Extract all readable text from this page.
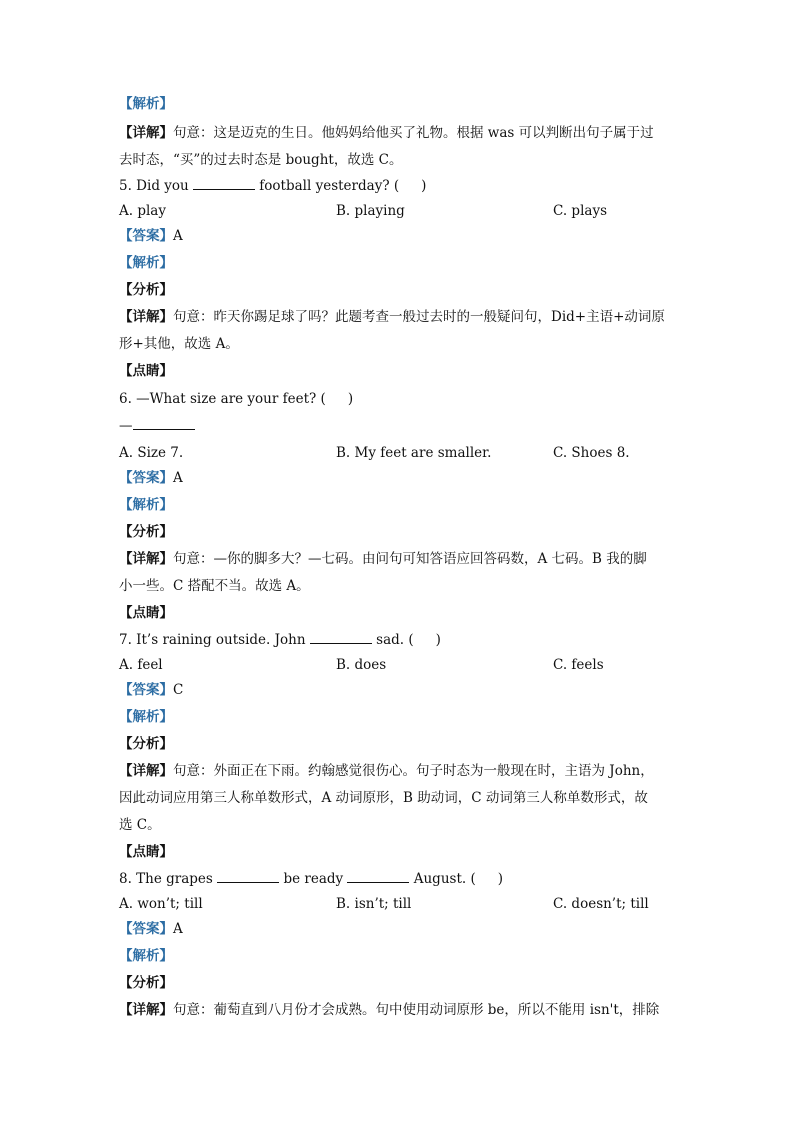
【解析】
【详解】句意：这是迈克的生日。他妈妈给他买了礼物。根据 was 可以判断出句子属于过
去时态，“买”的过去时态是 bought，故选 C。
5. Did you	football yesterday? ( )
A. play	B. playing	C. plays
【答案】A
【解析】
【分析】
【详解】句意：昨天你踢足球了吗？此题考查一般过去时的一般疑问句，Did+主语+动词原
形+其他，故选 A。
【点睛】
6. —What size are your feet? ( )
—
A. Size 7.	B. My feet are smaller.	C. Shoes 8.
【答案】A
【解析】
【分析】
【详解】句意：—你的脚多大？—七码。由问句可知答语应回答码数，A 七码。B 我的脚
小一些。C 搭配不当。故选 A。
【点睛】
7. It’s raining outside. John	sad. ( )
A. feel	B. does	C. feels
【答案】C
【解析】
【分析】
【详解】句意：外面正在下雨。约翰感觉很伤心。句子时态为一般现在时，主语为 John，
因此动词应用第三人称单数形式，A 动词原形，B 助动词，C 动词第三人称单数形式，故
选 C。
【点睛】
8. The grapes	be ready	August. ( )
A. won’t; till	B. isn’t; till	C. doesn’t; till
【答案】A
【解析】
【分析】
【详解】句意：葡萄直到八月份才会成熟。句中使用动词原形 be，所以不能用 isn't，排除
